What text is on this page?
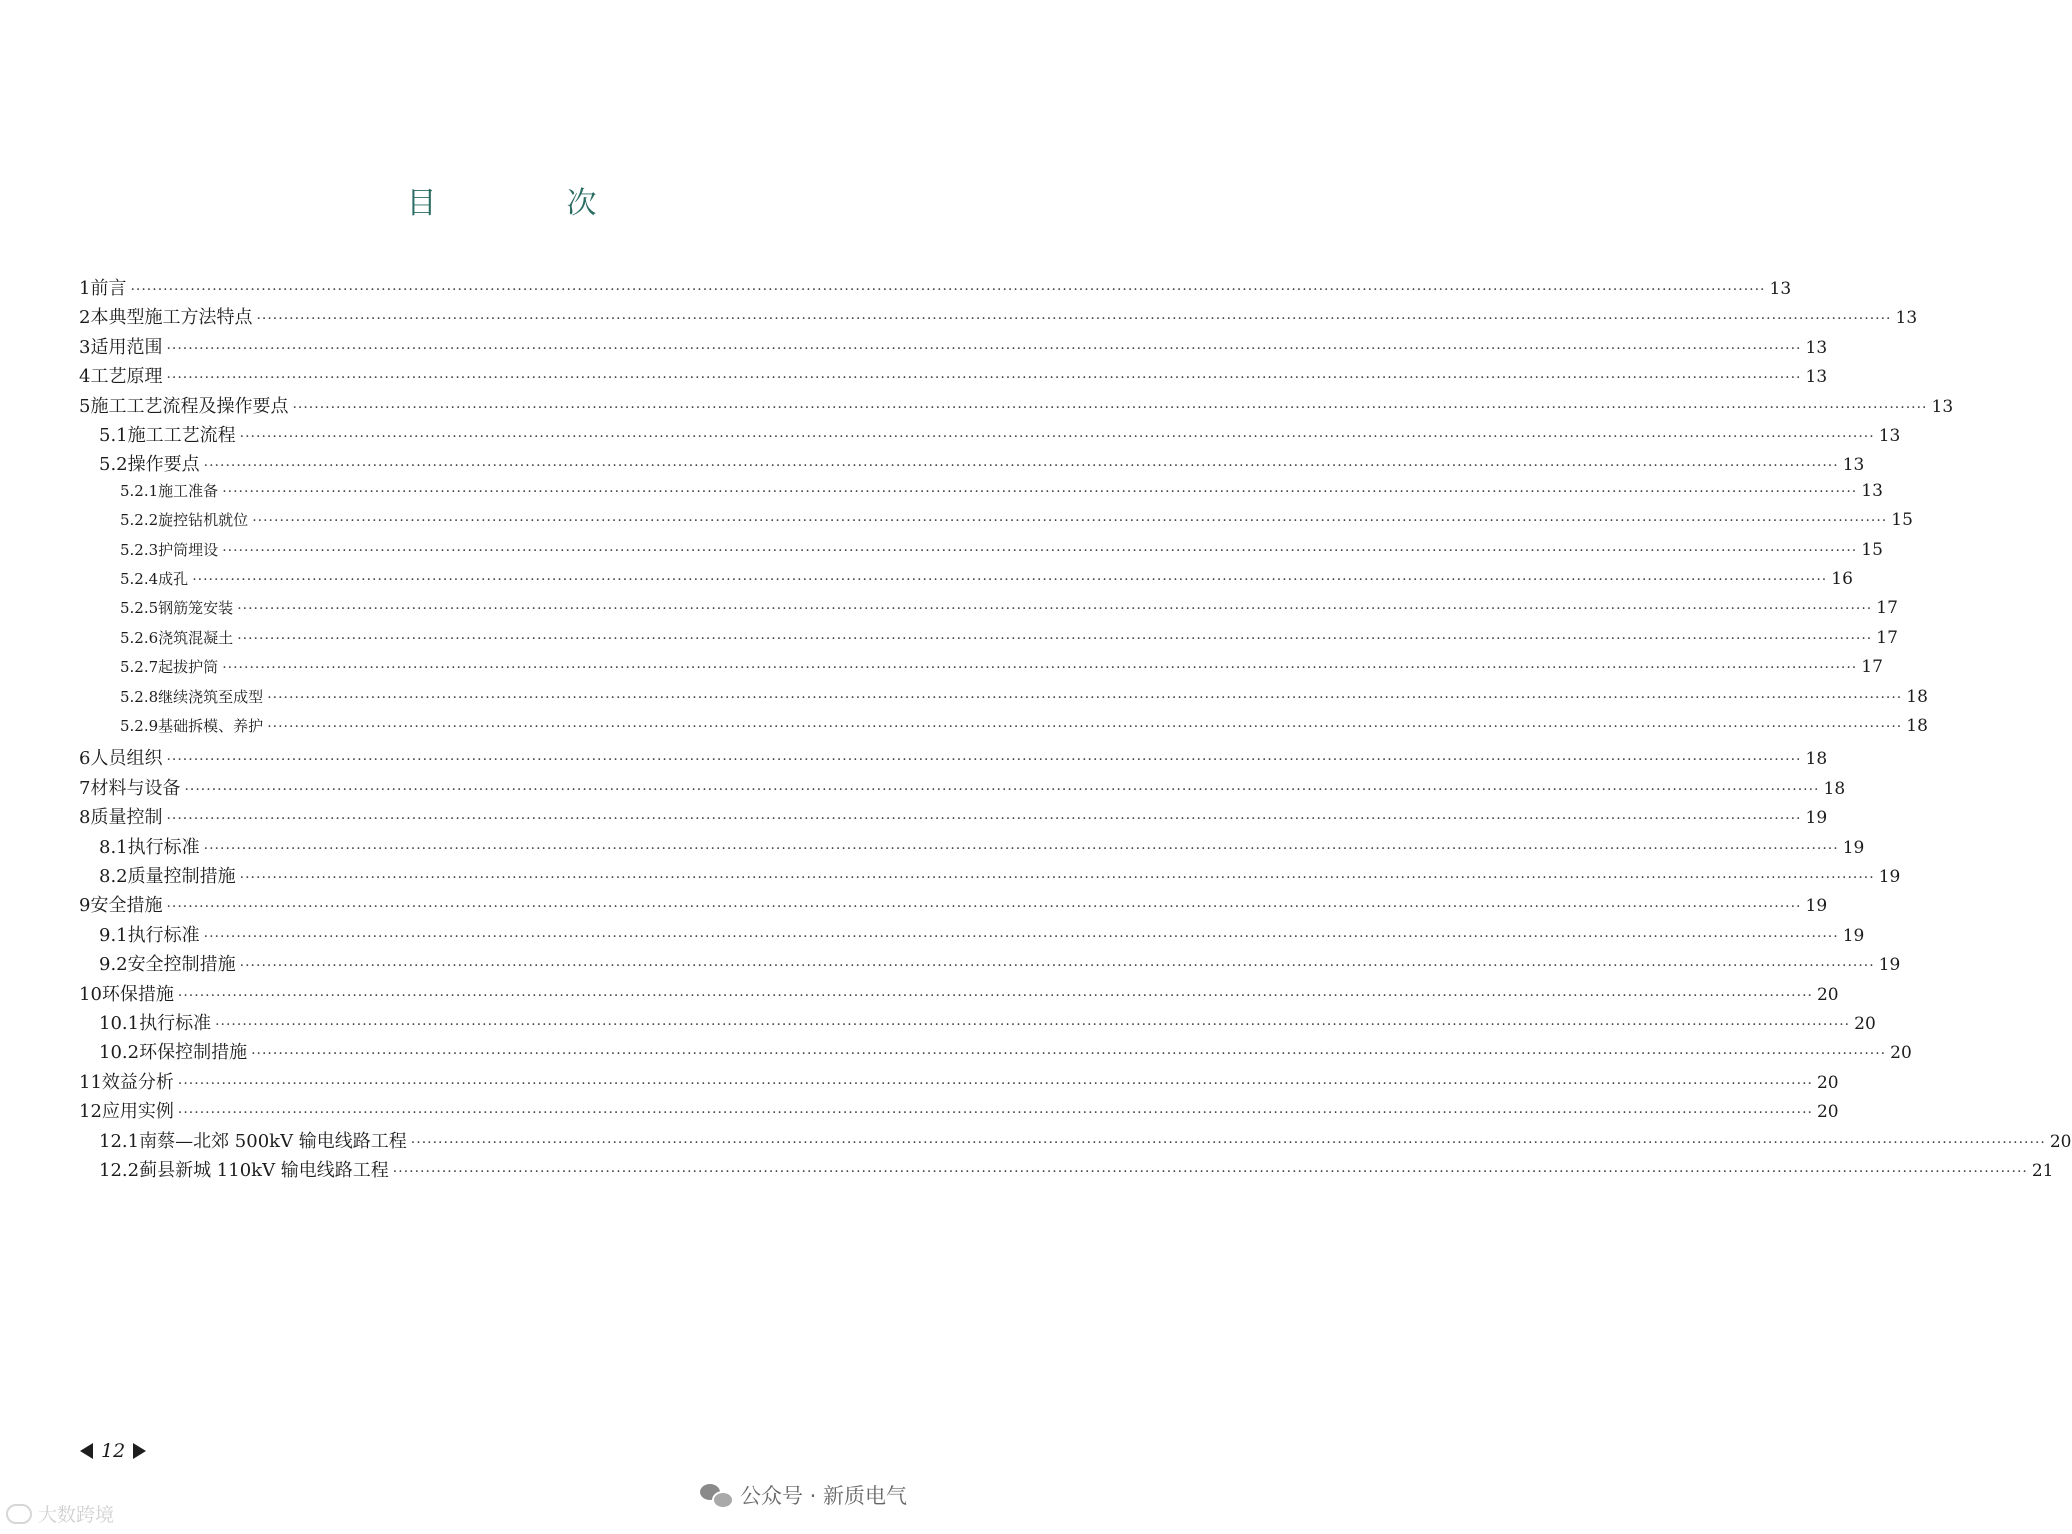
目　次
1 前言 ············································································································································································································································································································ 13
2 本典型施工方法特点 ············································································································································································································································································································ 13
3 适用范围 ············································································································································································································································································································ 13
4 工艺原理 ············································································································································································································································································································ 13
5 施工工艺流程及操作要点 ············································································································································································································································································································ 13
5.1 施工工艺流程 ············································································································································································································································································································ 13
5.2 操作要点 ············································································································································································································································································································ 13
5.2.1 施工准备 ············································································································································································································································································································ 13
5.2.2 旋控钻机就位 ············································································································································································································································································································ 15
5.2.3 护筒埋设 ············································································································································································································································································································ 15
5.2.4 成孔 ············································································································································································································································································································ 16
5.2.5 钢筋笼安装 ············································································································································································································································································································ 17
5.2.6 浇筑混凝土 ············································································································································································································································································································ 17
5.2.7 起拔护筒 ············································································································································································································································································································ 17
5.2.8 继续浇筑至成型 ············································································································································································································································································································ 18
5.2.9 基础拆模、养护 ············································································································································································································································································································ 18
6 人员组织 ············································································································································································································································································································ 18
7 材料与设备 ············································································································································································································································································································ 18
8 质量控制 ············································································································································································································································································································ 19
8.1 执行标准 ············································································································································································································································································································ 19
8.2 质量控制措施 ············································································································································································································································································································ 19
9 安全措施 ············································································································································································································································································································ 19
9.1 执行标准 ············································································································································································································································································································ 19
9.2 安全控制措施 ············································································································································································································································································································ 19
10 环保措施 ············································································································································································································································································································ 20
10.1 执行标准 ············································································································································································································································································································ 20
10.2 环保控制措施 ············································································································································································································································································································ 20
11 效益分析 ············································································································································································································································································································ 20
12 应用实例 ············································································································································································································································································································ 20
12.1 南蔡—北郊 500kV 输电线路工程 ············································································································································································································································································································ 20
12.2 蓟县新城 110kV 输电线路工程 ············································································································································································································································································································ 21
12
公众号 · 新质电气
大数跨境
